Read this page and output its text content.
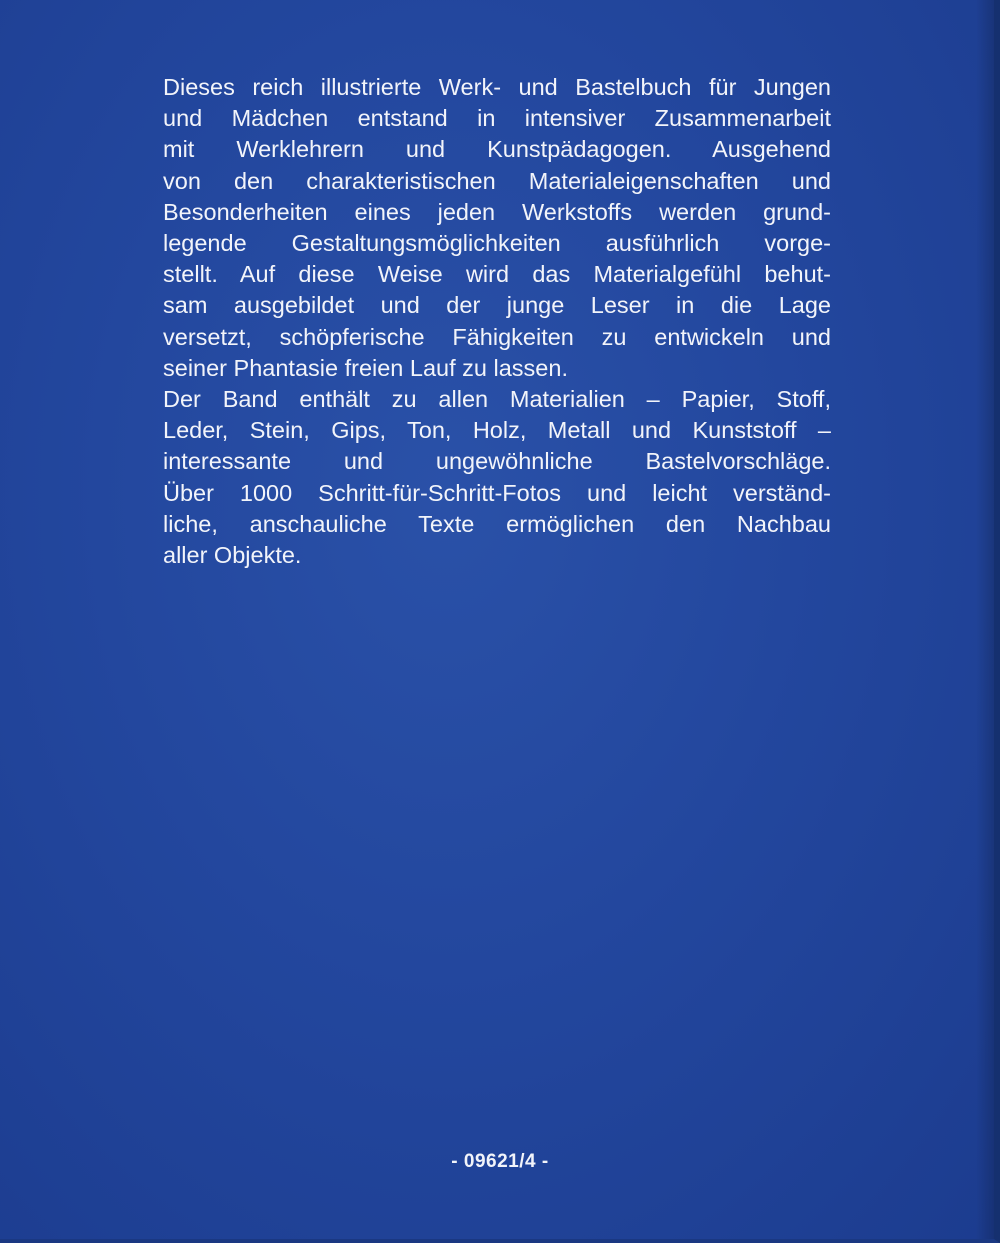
Dieses reich illustrierte Werk- und Bastelbuch für Jungen
und Mädchen entstand in intensiver Zusammenarbeit
mit Werklehrern und Kunstpädagogen. Ausgehend
von den charakteristischen Materialeigenschaften und
Besonderheiten eines jeden Werkstoffs werden grund-
legende Gestaltungsmöglichkeiten ausführlich vorge-
stellt. Auf diese Weise wird das Materialgefühl behut-
sam ausgebildet und der junge Leser in die Lage
versetzt, schöpferische Fähigkeiten zu entwickeln und
seiner Phantasie freien Lauf zu lassen.
Der Band enthält zu allen Materialien – Papier, Stoff,
Leder, Stein, Gips, Ton, Holz, Metall und Kunststoff –
interessante und ungewöhnliche Bastelvorschläge.
Über 1000 Schritt-für-Schritt-Fotos und leicht verständ-
liche, anschauliche Texte ermöglichen den Nachbau
aller Objekte.
- 09621/4 -
